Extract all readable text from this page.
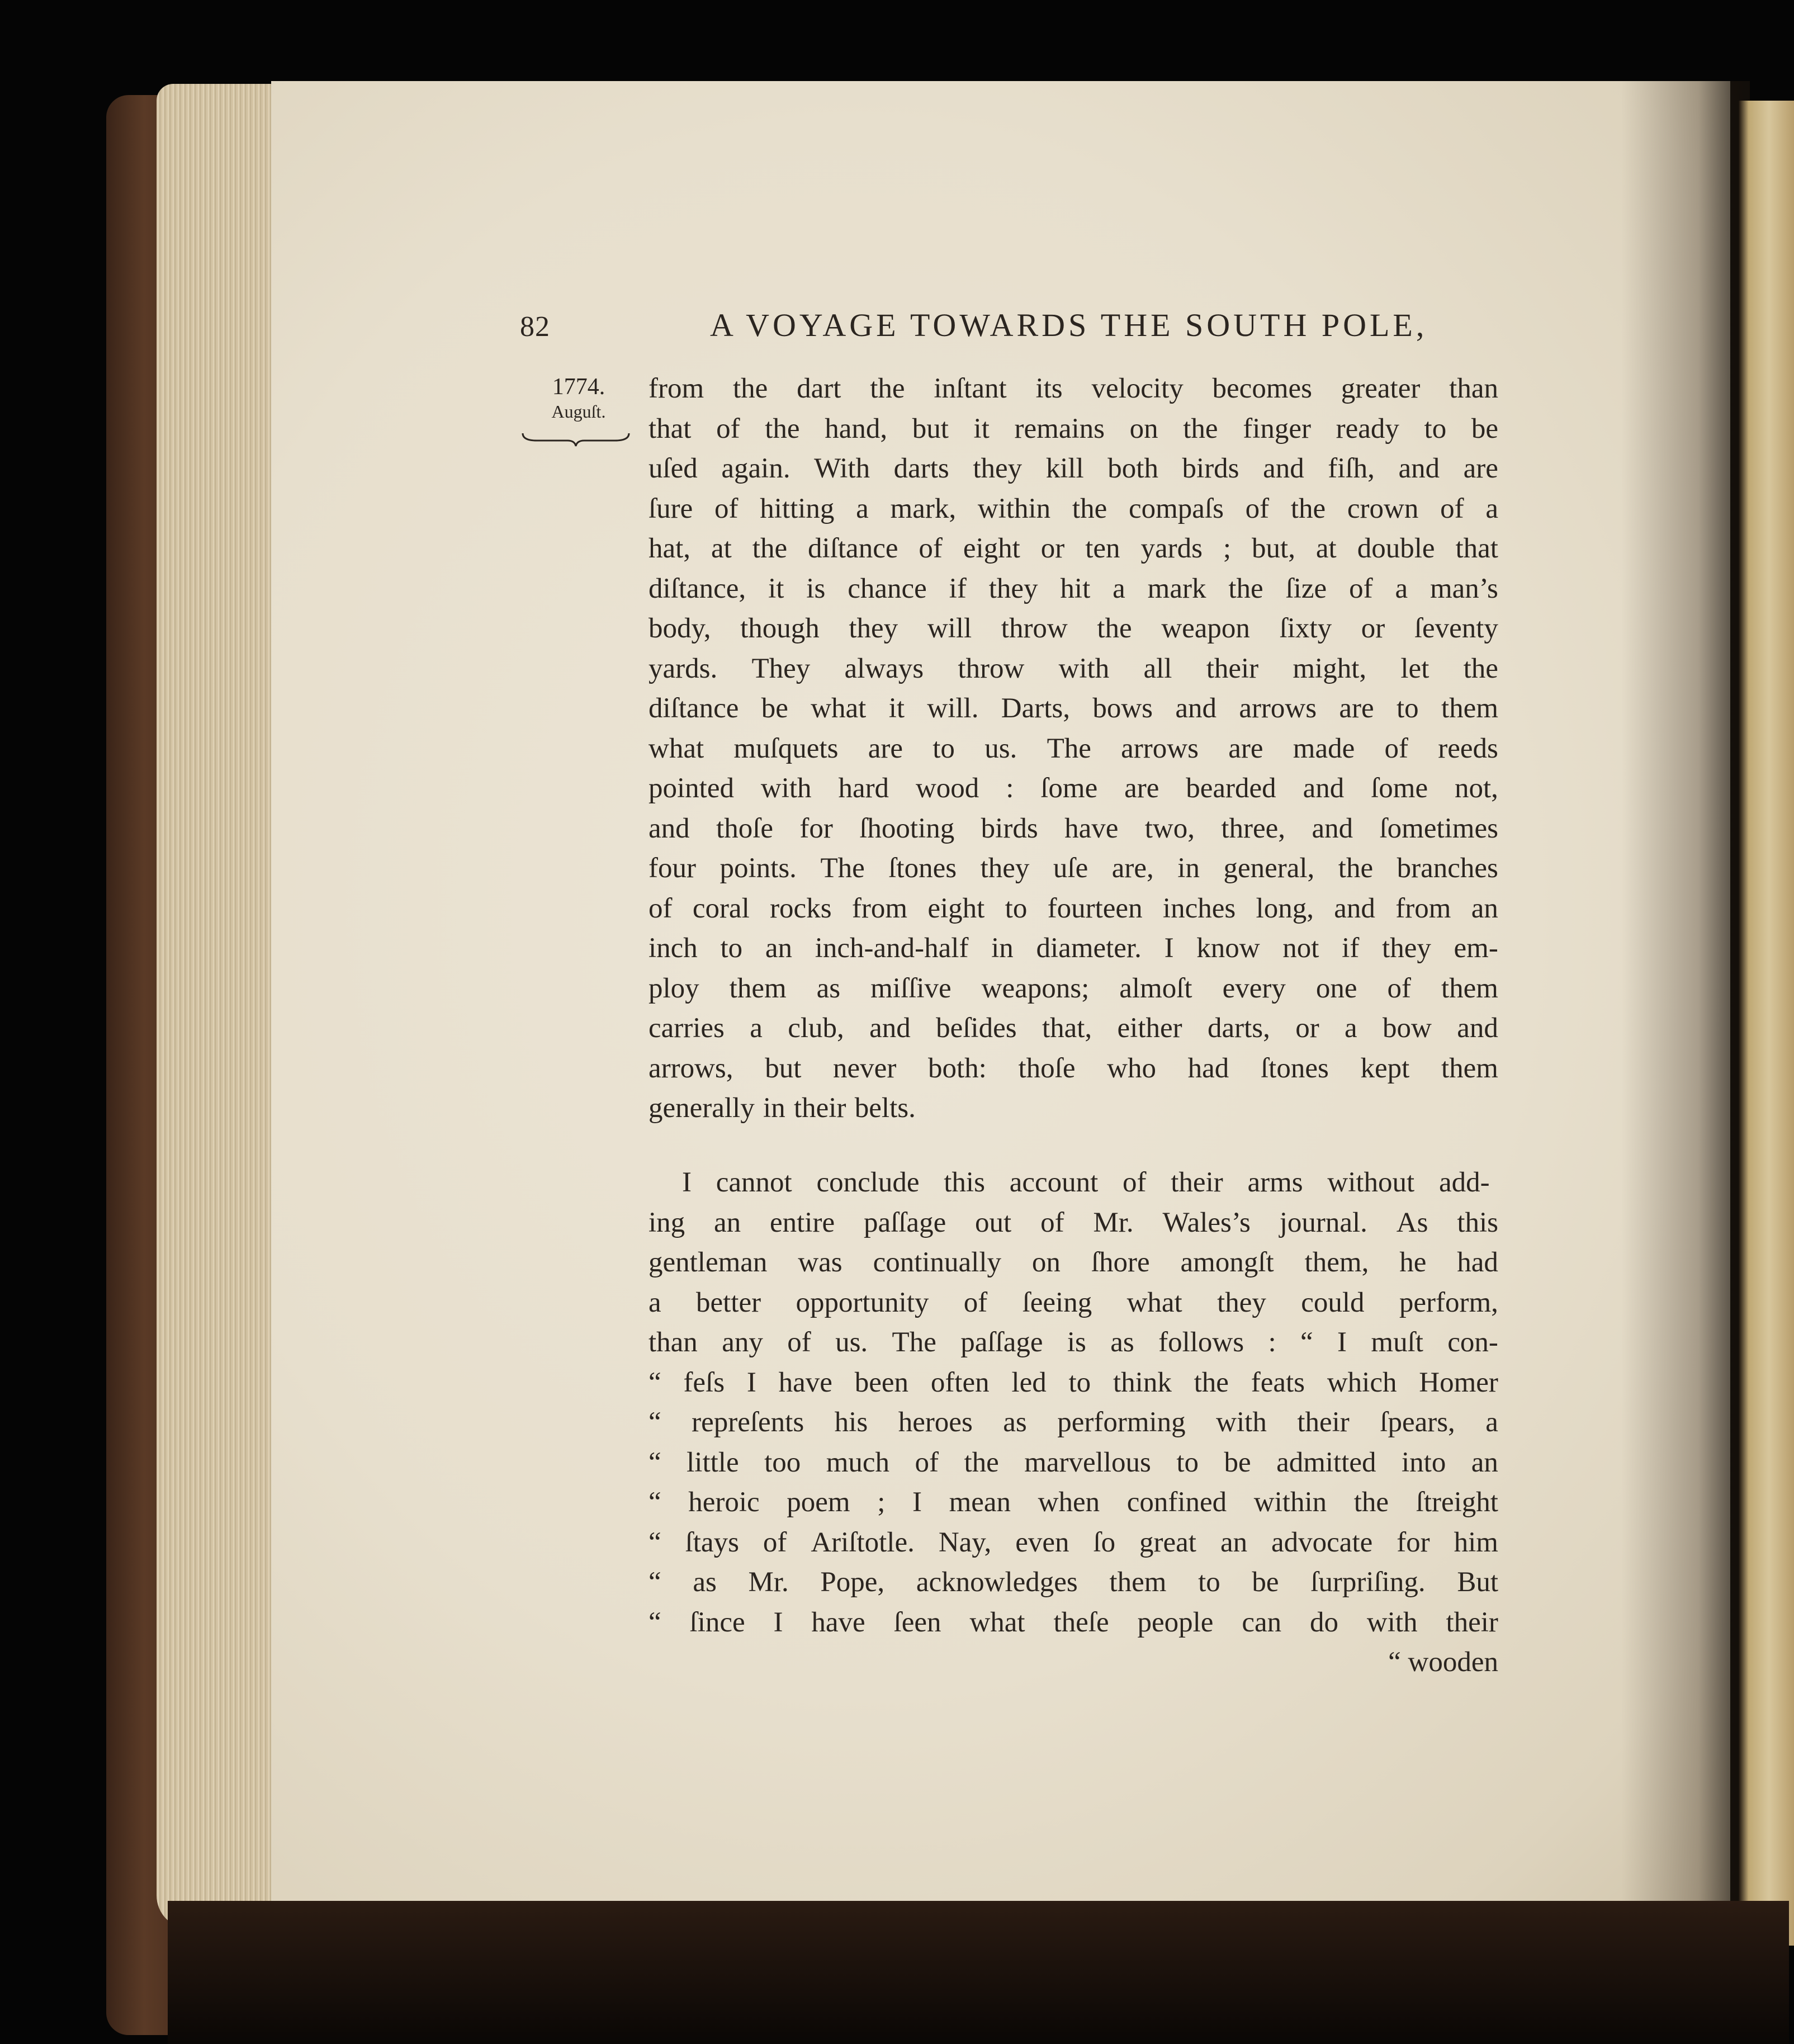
82	A VOYAGE TOWARDS THE SOUTH POLE,
1774.
Auguſt.
from the dart the inſtant its velocity becomes greater than
that of the hand, but it remains on the finger ready to be
uſed again. With darts they kill both birds and fiſh, and are
ſure of hitting a mark, within the compaſs of the crown of a
hat, at the diſtance of eight or ten yards ; but, at double that
diſtance, it is chance if they hit a mark the ſize of a man’s
body, though they will throw the weapon ſixty or ſeventy
yards. They always throw with all their might, let the
diſtance be what it will. Darts, bows and arrows are to them
what muſquets are to us. The arrows are made of reeds
pointed with hard wood : ſome are bearded and ſome not,
and thoſe for ſhooting birds have two, three, and ſometimes
four points. The ſtones they uſe are, in general, the branches
of coral rocks from eight to fourteen inches long, and from an
inch to an inch-and-half in diameter. I know not if they em-
ploy them as miſſive weapons; almoſt every one of them
carries a club, and beſides that, either darts, or a bow and
arrows, but never both: thoſe who had ſtones kept them
generally in their belts.
I cannot conclude this account of their arms without add-
ing an entire paſſage out of Mr. Wales’s journal. As this
gentleman was continually on ſhore amongſt them, he had
a better opportunity of ſeeing what they could perform,
than any of us. The paſſage is as follows : “ I muſt con-
“ feſs I have been often led to think the feats which Homer
“ repreſents his heroes as performing with their ſpears, a
“ little too much of the marvellous to be admitted into an
“ heroic poem ; I mean when confined within the ſtreight
“ ſtays of Ariſtotle. Nay, even ſo great an advocate for him
“ as Mr. Pope, acknowledges them to be ſurpriſing. But
“ ſince I have ſeen what theſe people can do with their
“ wooden
